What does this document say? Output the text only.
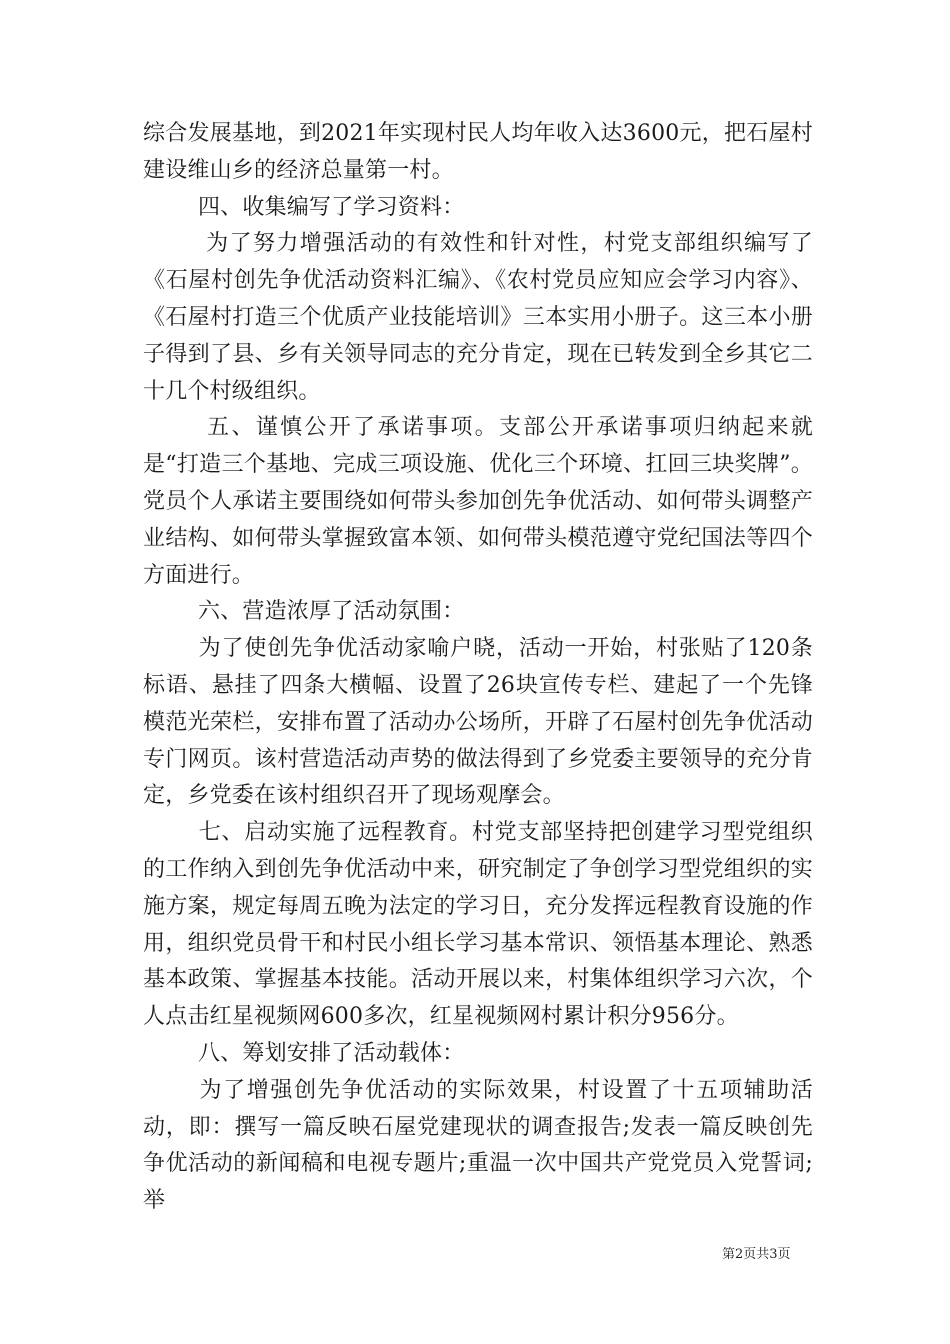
综合发展基地，到2021年实现村民人均年收入达3600元，把石屋村建设维山乡的经济总量第一村。

四、收集编写了学习资料：

为了努力增强活动的有效性和针对性，村党支部组织编写了《石屋村创先争优活动资料汇编》、《农村党员应知应会学习内容》、《石屋村打造三个优质产业技能培训》三本实用小册子。这三本小册子得到了县、乡有关领导同志的充分肯定，现在已转发到全乡其它二十几个村级组织。

五、谨慎公开了承诺事项。支部公开承诺事项归纳起来就是“打造三个基地、完成三项设施、优化三个环境、扛回三块奖牌”。党员个人承诺主要围绕如何带头参加创先争优活动、如何带头调整产业结构、如何带头掌握致富本领、如何带头模范遵守党纪国法等四个方面进行。

六、营造浓厚了活动氛围：

为了使创先争优活动家喻户晓，活动一开始，村张贴了120条标语、悬挂了四条大横幅、设置了26块宣传专栏、建起了一个先锋模范光荣栏，安排布置了活动办公场所，开辟了石屋村创先争优活动专门网页。该村营造活动声势的做法得到了乡党委主要领导的充分肯定，乡党委在该村组织召开了现场观摩会。

七、启动实施了远程教育。村党支部坚持把创建学习型党组织的工作纳入到创先争优活动中来，研究制定了争创学习型党组织的实施方案，规定每周五晚为法定的学习日，充分发挥远程教育设施的作用，组织党员骨干和村民小组长学习基本常识、领悟基本理论、熟悉基本政策、掌握基本技能。活动开展以来，村集体组织学习六次，个人点击红星视频网600多次，红星视频网村累计积分956分。

八、筹划安排了活动载体：

为了增强创先争优活动的实际效果，村设置了十五项辅助活动，即：撰写一篇反映石屋党建现状的调查报告;发表一篇反映创先争优活动的新闻稿和电视专题片;重温一次中国共产党党员入党誓词;举

第2页共3页
